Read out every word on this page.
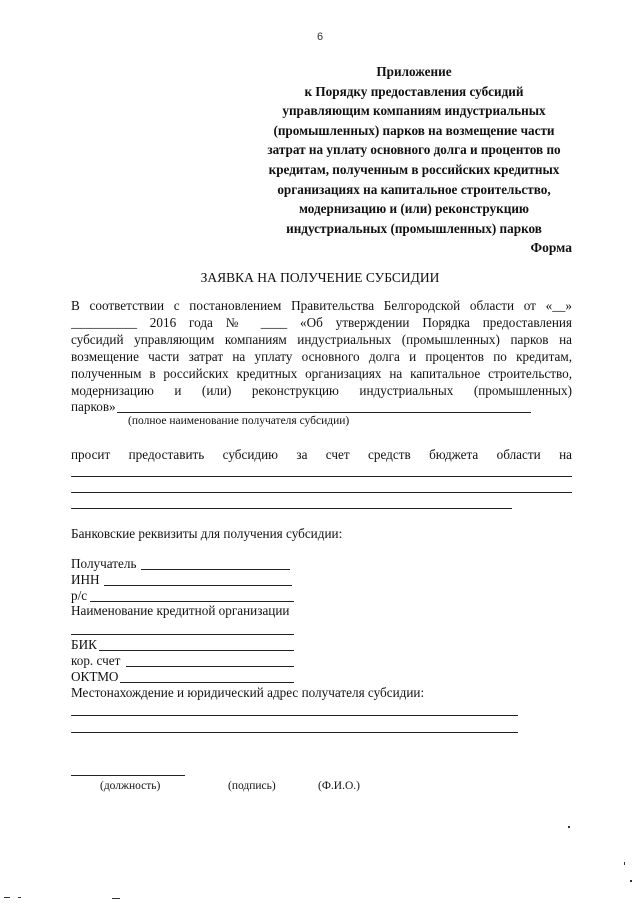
6
Приложение
к Порядку предоставления субсидий
управляющим компаниям индустриальных
(промышленных) парков на возмещение части
затрат на уплату основного долга и процентов по
кредитам, полученным в российских кредитных
организациях на капитальное строительство,
модернизацию и (или) реконструкцию
индустриальных (промышленных) парков
Форма
ЗАЯВКА НА ПОЛУЧЕНИЕ СУБСИДИИ
В соответствии с постановлением Правительства Белгородской области от «__»
__________ 2016 года № ____ «Об утверждении Порядка предоставления
субсидий управляющим компаниям индустриальных (промышленных) парков на
возмещение части затрат на уплату основного долга и процентов по кредитам,
полученным в российских кредитных организациях на капитальное строительство,
модернизацию и (или) реконструкцию индустриальных (промышленных)
парков»
(полное наименование получателя субсидии)
просит предоставить субсидию за счет средств бюджета области на
Банковские реквизиты для получения субсидии:
Получатель
ИНН
р/с
Наименование кредитной организации
БИК
кор. счет
ОКТМО
Местонахождение и юридический адрес получателя субсидии:
(должность)	(подпись)	(Ф.И.О.)
